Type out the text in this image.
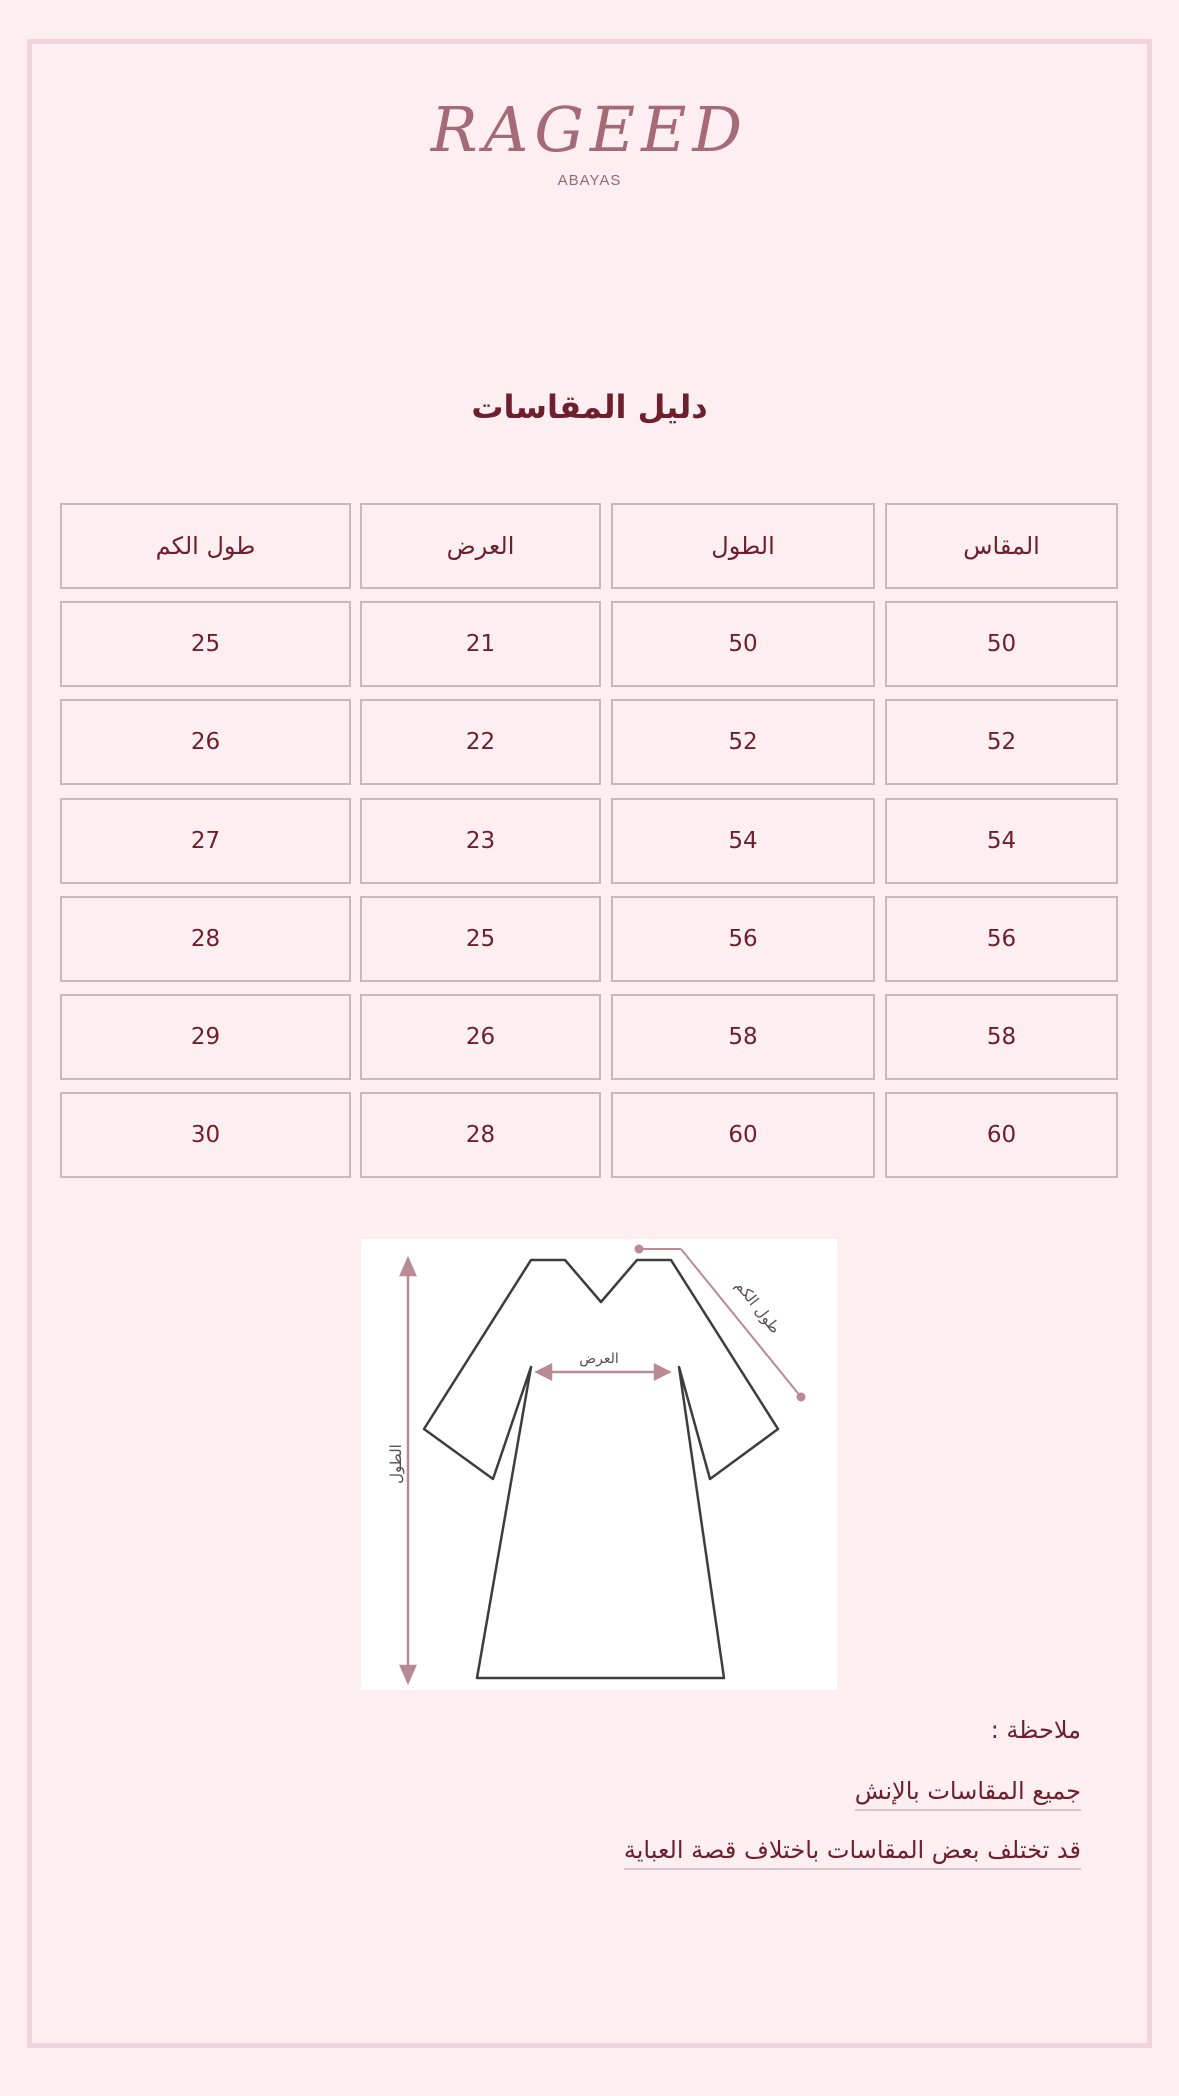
RAGEED
ABAYAS
دليل المقاسات
المقاس
الطول
العرض
طول الكم
50
50
21
25
52
52
22
26
54
54
23
27
56
56
25
28
58
58
26
29
60
60
28
30
الطول
العرض
طول الكم
ملاحظة :
جميع المقاسات بالإنش
قد تختلف بعض المقاسات باختلاف قصة العباية
